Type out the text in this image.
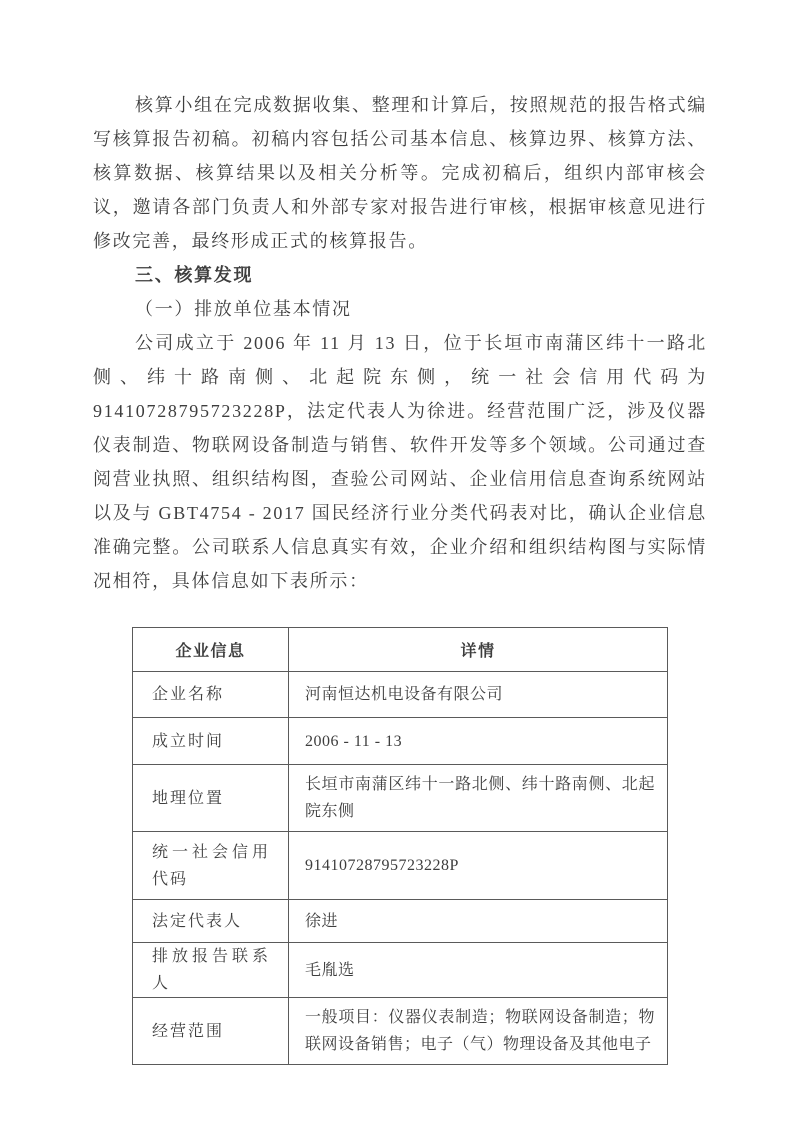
核算小组在完成数据收集、整理和计算后，按照规范的报告格式编写核算报告初稿。初稿内容包括公司基本信息、核算边界、核算方法、核算数据、核算结果以及相关分析等。完成初稿后，组织内部审核会议，邀请各部门负责人和外部专家对报告进行审核，根据审核意见进行修改完善，最终形成正式的核算报告。

三、核算发现

（一）排放单位基本情况

公司成立于 2006 年 11 月 13 日，位于长垣市南蒲区纬十一路北侧、纬十路南侧、北起院东侧，统一社会信用代码为 91410728795723228P，法定代表人为徐进。经营范围广泛，涉及仪器仪表制造、物联网设备制造与销售、软件开发等多个领域。公司通过查阅营业执照、组织结构图，查验公司网站、企业信用信息查询系统网站以及与 GBT4754 - 2017 国民经济行业分类代码表对比，确认企业信息准确完整。公司联系人信息真实有效，企业介绍和组织结构图与实际情况相符，具体信息如下表所示：

企业信息	详情
企业名称	河南恒达机电设备有限公司
成立时间	2006 - 11 - 13
地理位置	长垣市南蒲区纬十一路北侧、纬十路南侧、北起院东侧
统一社会信用代码	91410728795723228P
法定代表人	徐进
排放报告联系人	毛胤选
经营范围	一般项目：仪器仪表制造；物联网设备制造；物联网设备销售；电子（气）物理设备及其他电子
